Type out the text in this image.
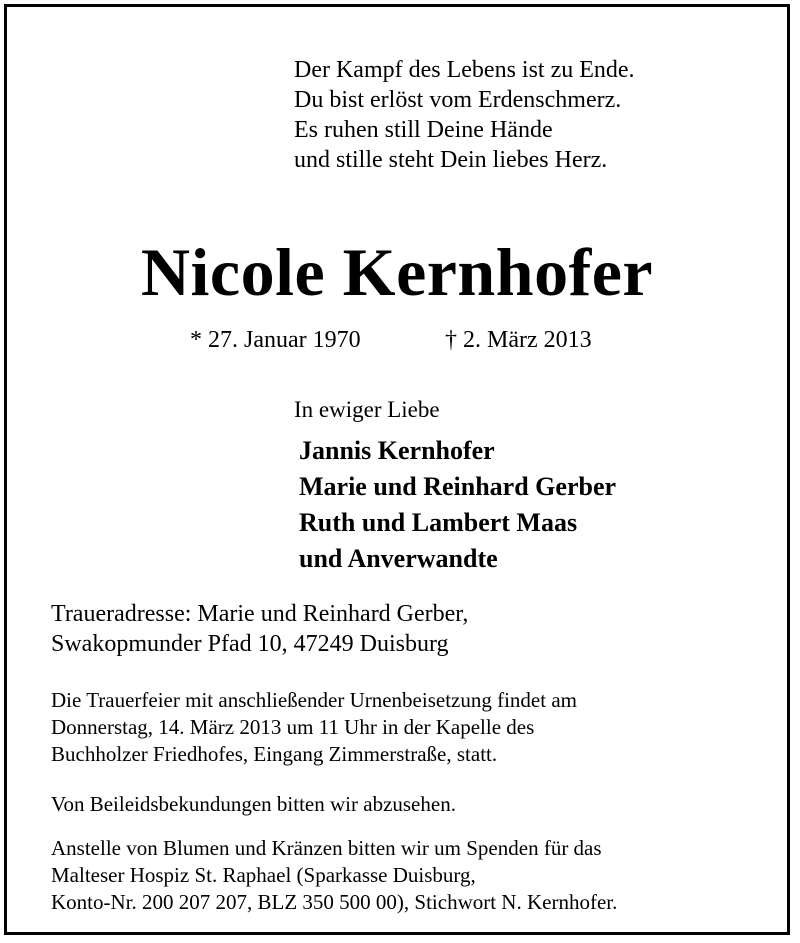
Der Kampf des Lebens ist zu Ende.
Du bist erlöst vom Erdenschmerz.
Es ruhen still Deine Hände
und stille steht Dein liebes Herz.
Nicole Kernhofer
* 27. Januar 1970	† 2. März 2013
In ewiger Liebe
Jannis Kernhofer
Marie und Reinhard Gerber
Ruth und Lambert Maas
und Anverwandte
Traueradresse: Marie und Reinhard Gerber,
Swakopmunder Pfad 10, 47249 Duisburg
Die Trauerfeier mit anschließender Urnenbeisetzung findet am
Donnerstag, 14. März 2013 um 11 Uhr in der Kapelle des
Buchholzer Friedhofes, Eingang Zimmerstraße, statt.
Von Beileidsbekundungen bitten wir abzusehen.
Anstelle von Blumen und Kränzen bitten wir um Spenden für das
Malteser Hospiz St. Raphael (Sparkasse Duisburg,
Konto-Nr. 200 207 207, BLZ 350 500 00), Stichwort N. Kernhofer.
